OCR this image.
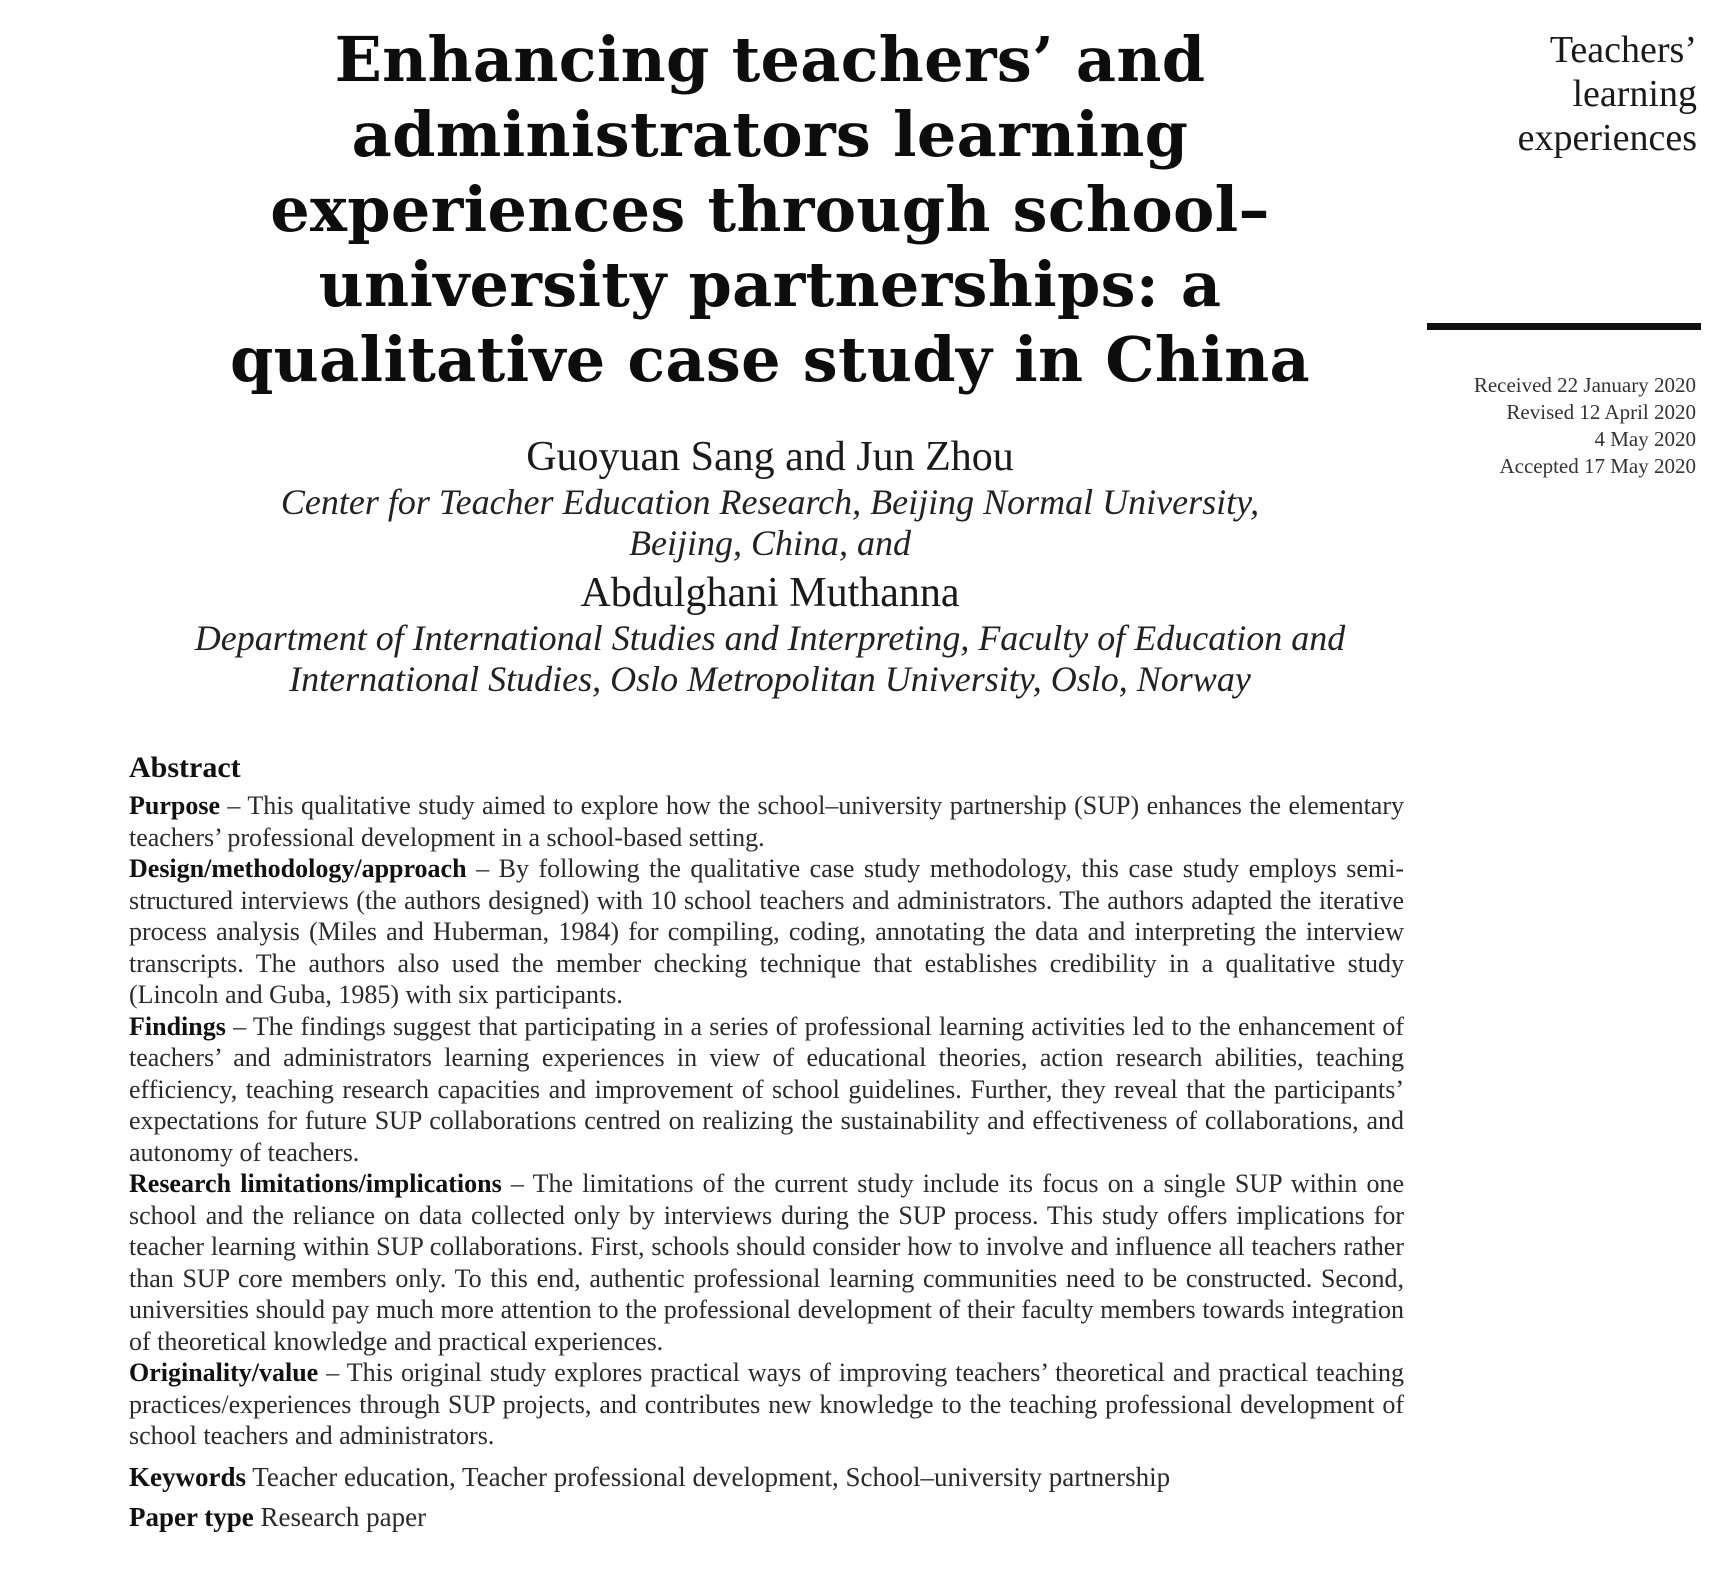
Enhancing teachers’ and
administrators learning
experiences through school–
university partnerships: a
qualitative case study in China

Guoyuan Sang and Jun Zhou

Center for Teacher Education Research, Beijing Normal University,
Beijing, China, and

Abdulghani Muthanna

Department of International Studies and Interpreting, Faculty of Education and
International Studies, Oslo Metropolitan University, Oslo, Norway

Teachers’
learning
experiences
Received 22 January 2020
Revised 12 April 2020
4 May 2020
Accepted 17 May 2020
Abstract

Purpose – This qualitative study aimed to explore how the school–university partnership (SUP) enhances the elementary teachers’ professional development in a school-based setting.

Design/methodology/approach – By following the qualitative case study methodology, this case study employs semi-structured interviews (the authors designed) with 10 school teachers and administrators. The authors adapted the iterative process analysis (Miles and Huberman, 1984) for compiling, coding, annotating the data and interpreting the interview transcripts. The authors also used the member checking technique that establishes credibility in a qualitative study (Lincoln and Guba, 1985) with six participants.

Findings – The findings suggest that participating in a series of professional learning activities led to the enhancement of teachers’ and administrators learning experiences in view of educational theories, action research abilities, teaching efficiency, teaching research capacities and improvement of school guidelines. Further, they reveal that the participants’ expectations for future SUP collaborations centred on realizing the sustainability and effectiveness of collaborations, and autonomy of teachers.

Research limitations/implications – The limitations of the current study include its focus on a single SUP within one school and the reliance on data collected only by interviews during the SUP process. This study offers implications for teacher learning within SUP collaborations. First, schools should consider how to involve and influence all teachers rather than SUP core members only. To this end, authentic professional learning communities need to be constructed. Second, universities should pay much more attention to the professional development of their faculty members towards integration of theoretical knowledge and practical experiences.

Originality/value – This original study explores practical ways of improving teachers’ theoretical and practical teaching practices/experiences through SUP projects, and contributes new knowledge to the teaching professional development of school teachers and administrators.

Keywords Teacher education, Teacher professional development, School–university partnership

Paper type Research paper
